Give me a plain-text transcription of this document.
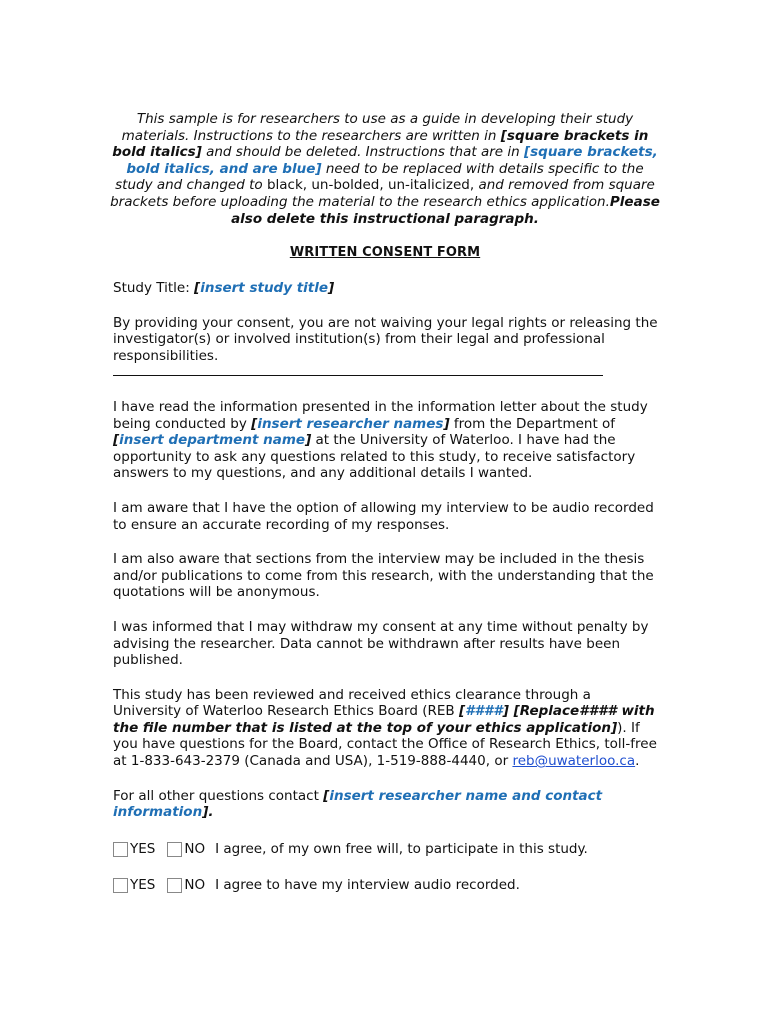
This sample is for researchers to use as a guide in developing their study materials. Instructions to the researchers are written in [square brackets in bold italics] and should be deleted. Instructions that are in [square brackets, bold italics, and are blue] need to be replaced with details specific to the study and changed to black, un-bolded, un-italicized, and removed from square brackets before uploading the material to the research ethics application.Please also delete this instructional paragraph.
WRITTEN CONSENT FORM

Study Title: [insert study title]

By providing your consent, you are not waiving your legal rights or releasing the investigator(s) or involved institution(s) from their legal and professional responsibilities.

I have read the information presented in the information letter about the study being conducted by [insert researcher names] from the Department of [insert department name] at the University of Waterloo. I have had the opportunity to ask any questions related to this study, to receive satisfactory answers to my questions, and any additional details I wanted.

I am aware that I have the option of allowing my interview to be audio recorded to ensure an accurate recording of my responses.

I am also aware that sections from the interview may be included in the thesis and/or publications to come from this research, with the understanding that the quotations will be anonymous.

I was informed that I may withdraw my consent at any time without penalty by advising the researcher. Data cannot be withdrawn after results have been published.

This study has been reviewed and received ethics clearance through a University of Waterloo Research Ethics Board (REB [####] [Replace#### with the file number that is listed at the top of your ethics application]). If you have questions for the Board, contact the Office of Research Ethics, toll-free at 1-833-643-2379 (Canada and USA), 1-519-888-4440, or reb@uwaterloo.ca.

For all other questions contact [insert researcher name and contact information].

YES NO I agree, of my own free will, to participate in this study.
YES NO I agree to have my interview audio recorded.
